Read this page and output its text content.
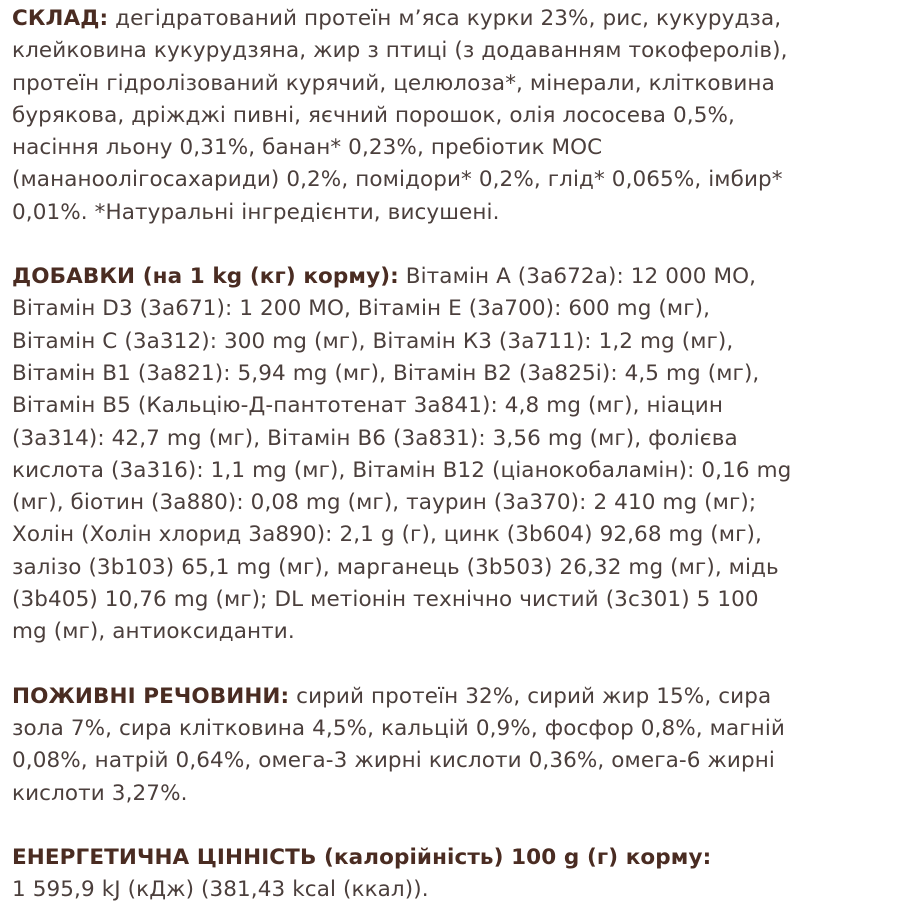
СКЛАД: дегідратований протеїн м’яса курки 23%, рис, кукурудза,
клейковина кукурудзяна, жир з птиці (з додаванням токоферолів),
протеїн гідролізований курячий, целюлоза*, мінерали, клітковина
бурякова, дріжджі пивні, яєчний порошок, олія лососева 0,5%,
насіння льону 0,31%, банан* 0,23%, пребіотик MOC
(мананоолігосахариди) 0,2%, помідори* 0,2%, глід* 0,065%, імбир*
0,01%. *Натуральні інгредієнти, висушені.

ДОБАВКИ (на 1 kg (кг) корму): Вітамін А (3а672а): 12 000 МО,
Вітамін D3 (3а671): 1 200 МО, Вітамін Е (3а700): 600 mg (мг),
Вітамін С (3а312): 300 mg (мг), Вітамін К3 (3а711): 1,2 mg (мг),
Вітамін В1 (3а821): 5,94 mg (мг), Вітамін В2 (3а825і): 4,5 mg (мг),
Вітамін В5 (Кальцію-Д-пантотенат 3а841): 4,8 mg (мг), ніацин
(3а314): 42,7 mg (мг), Вітамін В6 (3а831): 3,56 mg (мг), фолієва
кислота (3а316): 1,1 mg (мг), Вітамін В12 (ціанокобаламін): 0,16 mg
(мг), біотин (3а880): 0,08 mg (мг), таурин (3а370): 2 410 mg (мг);
Холін (Холін хлорид 3а890): 2,1 g (г), цинк (3b604) 92,68 mg (мг),
залізо (3b103) 65,1 mg (мг), марганець (3b503) 26,32 mg (мг), мідь
(3b405) 10,76 mg (мг); DL метіонін технічно чистий (3c301) 5 100
mg (мг), антиоксиданти.

ПОЖИВНІ РЕЧОВИНИ: сирий протеїн 32%, сирий жир 15%, сира
зола 7%, сира клітковина 4,5%, кальцій 0,9%, фосфор 0,8%, магній
0,08%, натрій 0,64%, омега-3 жирні кислоти 0,36%, омега-6 жирні
кислоти 3,27%.

ЕНЕРГЕТИЧНА ЦІННІСТЬ (калорійність) 100 g (г) корму:
1 595,9 kJ (кДж) (381,43 kcal (ккал)).
